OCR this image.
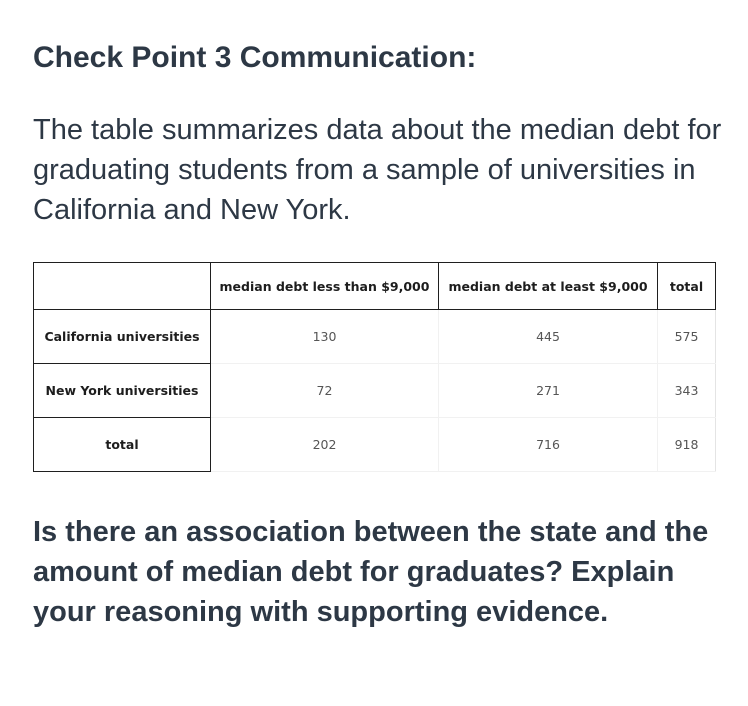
Check Point 3 Communication:

The table summarizes data about the median debt for graduating students from a sample of universities in California and New York.

	median debt less than $9,000	median debt at least $9,000	total
California universities	130	445	575
New York universities	72	271	343
total	202	716	918

Is there an association between the state and the amount of median debt for graduates? Explain your reasoning with supporting evidence.
